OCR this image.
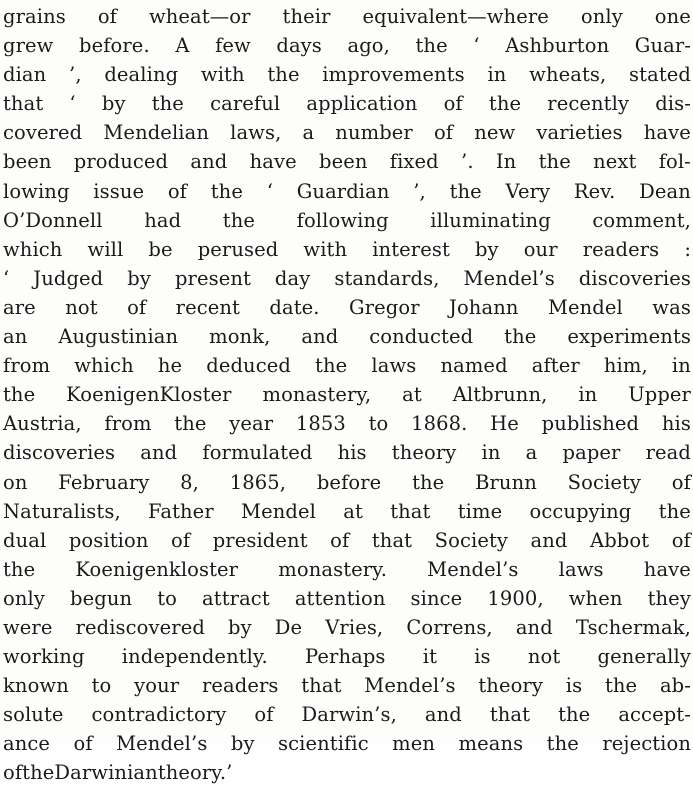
grains of wheat—or their equivalent—where only one
grew before. A few days ago, the ‘ Ashburton Guar-
dian ’, dealing with the improvements in wheats, stated
that ‘ by the careful application of the recently dis-
covered Mendelian laws, a number of new varieties have
been produced and have been fixed ’. In the next fol-
lowing issue of the ‘ Guardian ’, the Very Rev. Dean
O’Donnell had the following illuminating comment,
which will be perused with interest by our readers :
‘ Judged by present day standards, Mendel’s discoveries
are not of recent date. Gregor Johann Mendel was
an Augustinian monk, and conducted the experiments
from which he deduced the laws named after him, in
the KoenigenKloster monastery, at Altbrunn, in Upper
Austria, from the year 1853 to 1868. He published his
discoveries and formulated his theory in a paper read
on February 8, 1865, before the Brunn Society of
Naturalists, Father Mendel at that time occupying the
dual position of president of that Society and Abbot of
the Koenigenkloster monastery. Mendel’s laws have
only begun to attract attention since 1900, when they
were rediscovered by De Vries, Correns, and Tschermak,
working independently. Perhaps it is not generally
known to your readers that Mendel’s theory is the ab-
solute contradictory of Darwin’s, and that the accept-
ance of Mendel’s by scientific men means the rejection
of the Darwinian theory.’
